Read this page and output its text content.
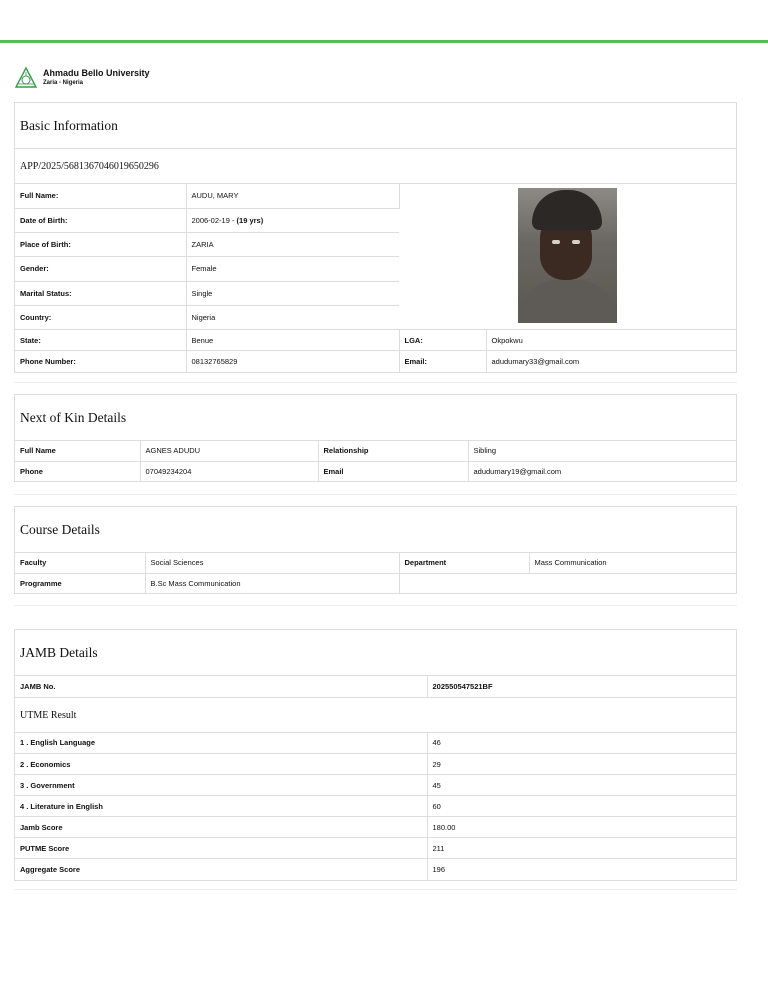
Ahmadu Bello University
Zaria - Nigeria
Basic Information
APP/2025/5681367046019650296
Full Name:	AUDU, MARY		

Date of Birth:	2006-02-19 - (19 yrs)		
Place of Birth:	ZARIA		
Gender:	Female		
Marital Status:	Single		
Country:	Nigeria		
State:	Benue	LGA:	Okpokwu
Phone Number:	08132765829	Email:	adudumary33@gmail.com
Next of Kin Details
Full Name	AGNES ADUDU	Relationship	Sibling
Phone	07049234204	Email	adudumary19@gmail.com
Course Details
Faculty	Social Sciences	Department	Mass Communication
Programme	B.Sc Mass Communication		
JAMB Details
JAMB No.	202550547521BF
UTME Result
1 . English Language	46
2 . Economics	29
3 . Government	45
4 . Literature in English	60
Jamb Score	180.00
PUTME Score	211
Aggregate Score	196
